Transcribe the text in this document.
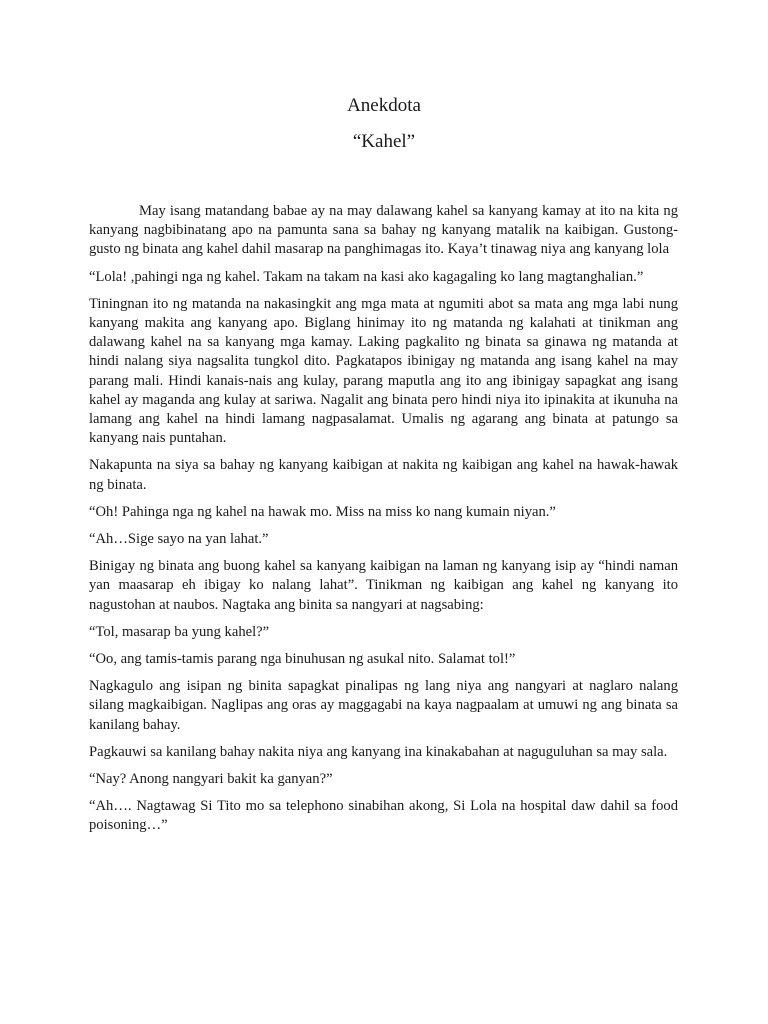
Anekdota
“Kahel”

May isang matandang babae ay na may dalawang kahel sa kanyang kamay at ito na kita ng kanyang nagbibinatang apo na pamunta sana sa bahay ng kanyang matalik na kaibigan. Gustong-gusto ng binata ang kahel dahil masarap na panghimagas ito. Kaya’t tinawag niya ang kanyang lola

“Lola! ,pahingi nga ng kahel. Takam na takam na kasi ako kagagaling ko lang magtanghalian.”

Tiningnan ito ng matanda na nakasingkit ang mga mata at ngumiti abot sa mata ang mga labi nung kanyang makita ang kanyang apo. Biglang hinimay ito ng matanda ng kalahati at tinikman ang dalawang kahel na sa kanyang mga kamay. Laking pagkalito ng binata sa ginawa ng matanda at hindi nalang siya nagsalita tungkol dito. Pagkatapos ibinigay ng matanda ang isang kahel na may parang mali. Hindi kanais-nais ang kulay, parang maputla ang ito ang ibinigay sapagkat ang isang kahel ay maganda ang kulay at sariwa. Nagalit ang binata pero hindi niya ito ipinakita at ikunuha na lamang ang kahel na hindi lamang nagpasalamat. Umalis ng agarang ang binata at patungo sa kanyang nais puntahan.

Nakapunta na siya sa bahay ng kanyang kaibigan at nakita ng kaibigan ang kahel na hawak-hawak ng binata.

“Oh! Pahinga nga ng kahel na hawak mo. Miss na miss ko nang kumain niyan.”

“Ah…Sige sayo na yan lahat.”

Binigay ng binata ang buong kahel sa kanyang kaibigan na laman ng kanyang isip ay “hindi naman yan maasarap eh ibigay ko nalang lahat”. Tinikman ng kaibigan ang kahel ng kanyang ito nagustohan at naubos. Nagtaka ang binita sa nangyari at nagsabing:

“Tol, masarap ba yung kahel?”

“Oo, ang tamis-tamis parang nga binuhusan ng asukal nito. Salamat tol!”

Nagkagulo ang isipan ng binita sapagkat pinalipas ng lang niya ang nangyari at naglaro nalang silang magkaibigan. Naglipas ang oras ay maggagabi na kaya nagpaalam at umuwi ng ang binata sa kanilang bahay.

Pagkauwi sa kanilang bahay nakita niya ang kanyang ina kinakabahan at naguguluhan sa may sala.

“Nay? Anong nangyari bakit ka ganyan?”

“Ah…. Nagtawag Si Tito mo sa telephono sinabihan akong, Si Lola na hospital daw dahil sa food poisoning…”
